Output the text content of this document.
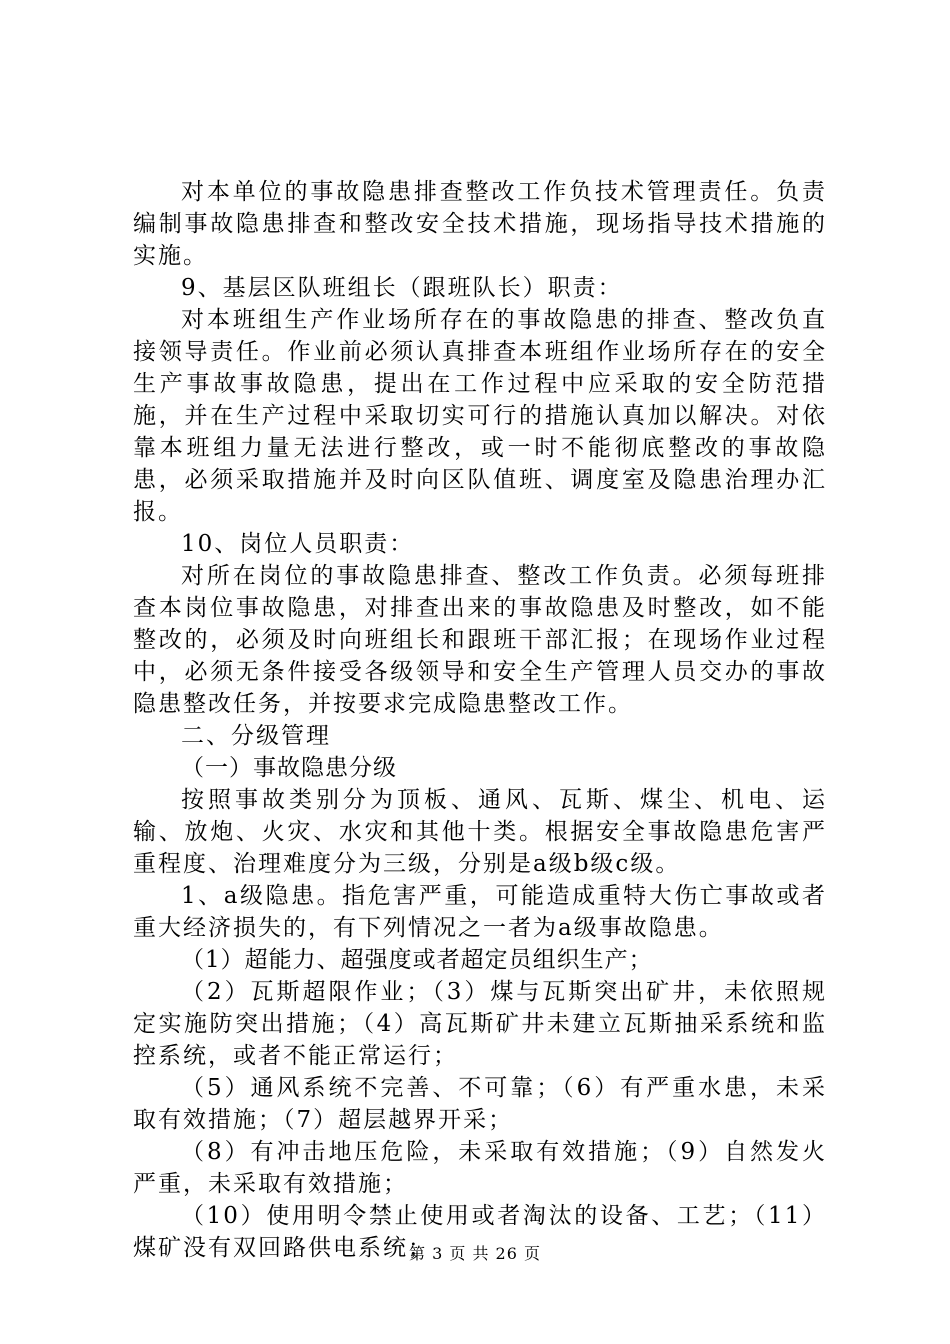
对本单位的事故隐患排查整改工作负技术管理责任。负责编制事故隐患排查和整改安全技术措施，现场指导技术措施的实施。

9、基层区队班组长（跟班队长）职责：

对本班组生产作业场所存在的事故隐患的排查、整改负直接领导责任。作业前必须认真排查本班组作业场所存在的安全生产事故事故隐患，提出在工作过程中应采取的安全防范措施，并在生产过程中采取切实可行的措施认真加以解决。对依靠本班组力量无法进行整改，或一时不能彻底整改的事故隐患，必须采取措施并及时向区队值班、调度室及隐患治理办汇报。

10、岗位人员职责：

对所在岗位的事故隐患排查、整改工作负责。必须每班排查本岗位事故隐患，对排查出来的事故隐患及时整改，如不能整改的，必须及时向班组长和跟班干部汇报；在现场作业过程中，必须无条件接受各级领导和安全生产管理人员交办的事故隐患整改任务，并按要求完成隐患整改工作。

二、分级管理

（一）事故隐患分级

按照事故类别分为顶板、通风、瓦斯、煤尘、机电、运输、放炮、火灾、水灾和其他十类。根据安全事故隐患危害严重程度、治理难度分为三级，分别是a级b级c级。

1、a级隐患。指危害严重，可能造成重特大伤亡事故或者重大经济损失的，有下列情况之一者为a级事故隐患。

（1）超能力、超强度或者超定员组织生产；

（2）瓦斯超限作业；（3）煤与瓦斯突出矿井，未依照规定实施防突出措施；（4）高瓦斯矿井未建立瓦斯抽采系统和监控系统，或者不能正常运行；

（5）通风系统不完善、不可靠；（6）有严重水患，未采取有效措施；（7）超层越界开采；

（8）有冲击地压危险，未采取有效措施；（9）自然发火严重，未采取有效措施；

（10）使用明令禁止使用或者淘汰的设备、工艺；（11）煤矿没有双回路供电系统；

第 3 页 共 26 页
